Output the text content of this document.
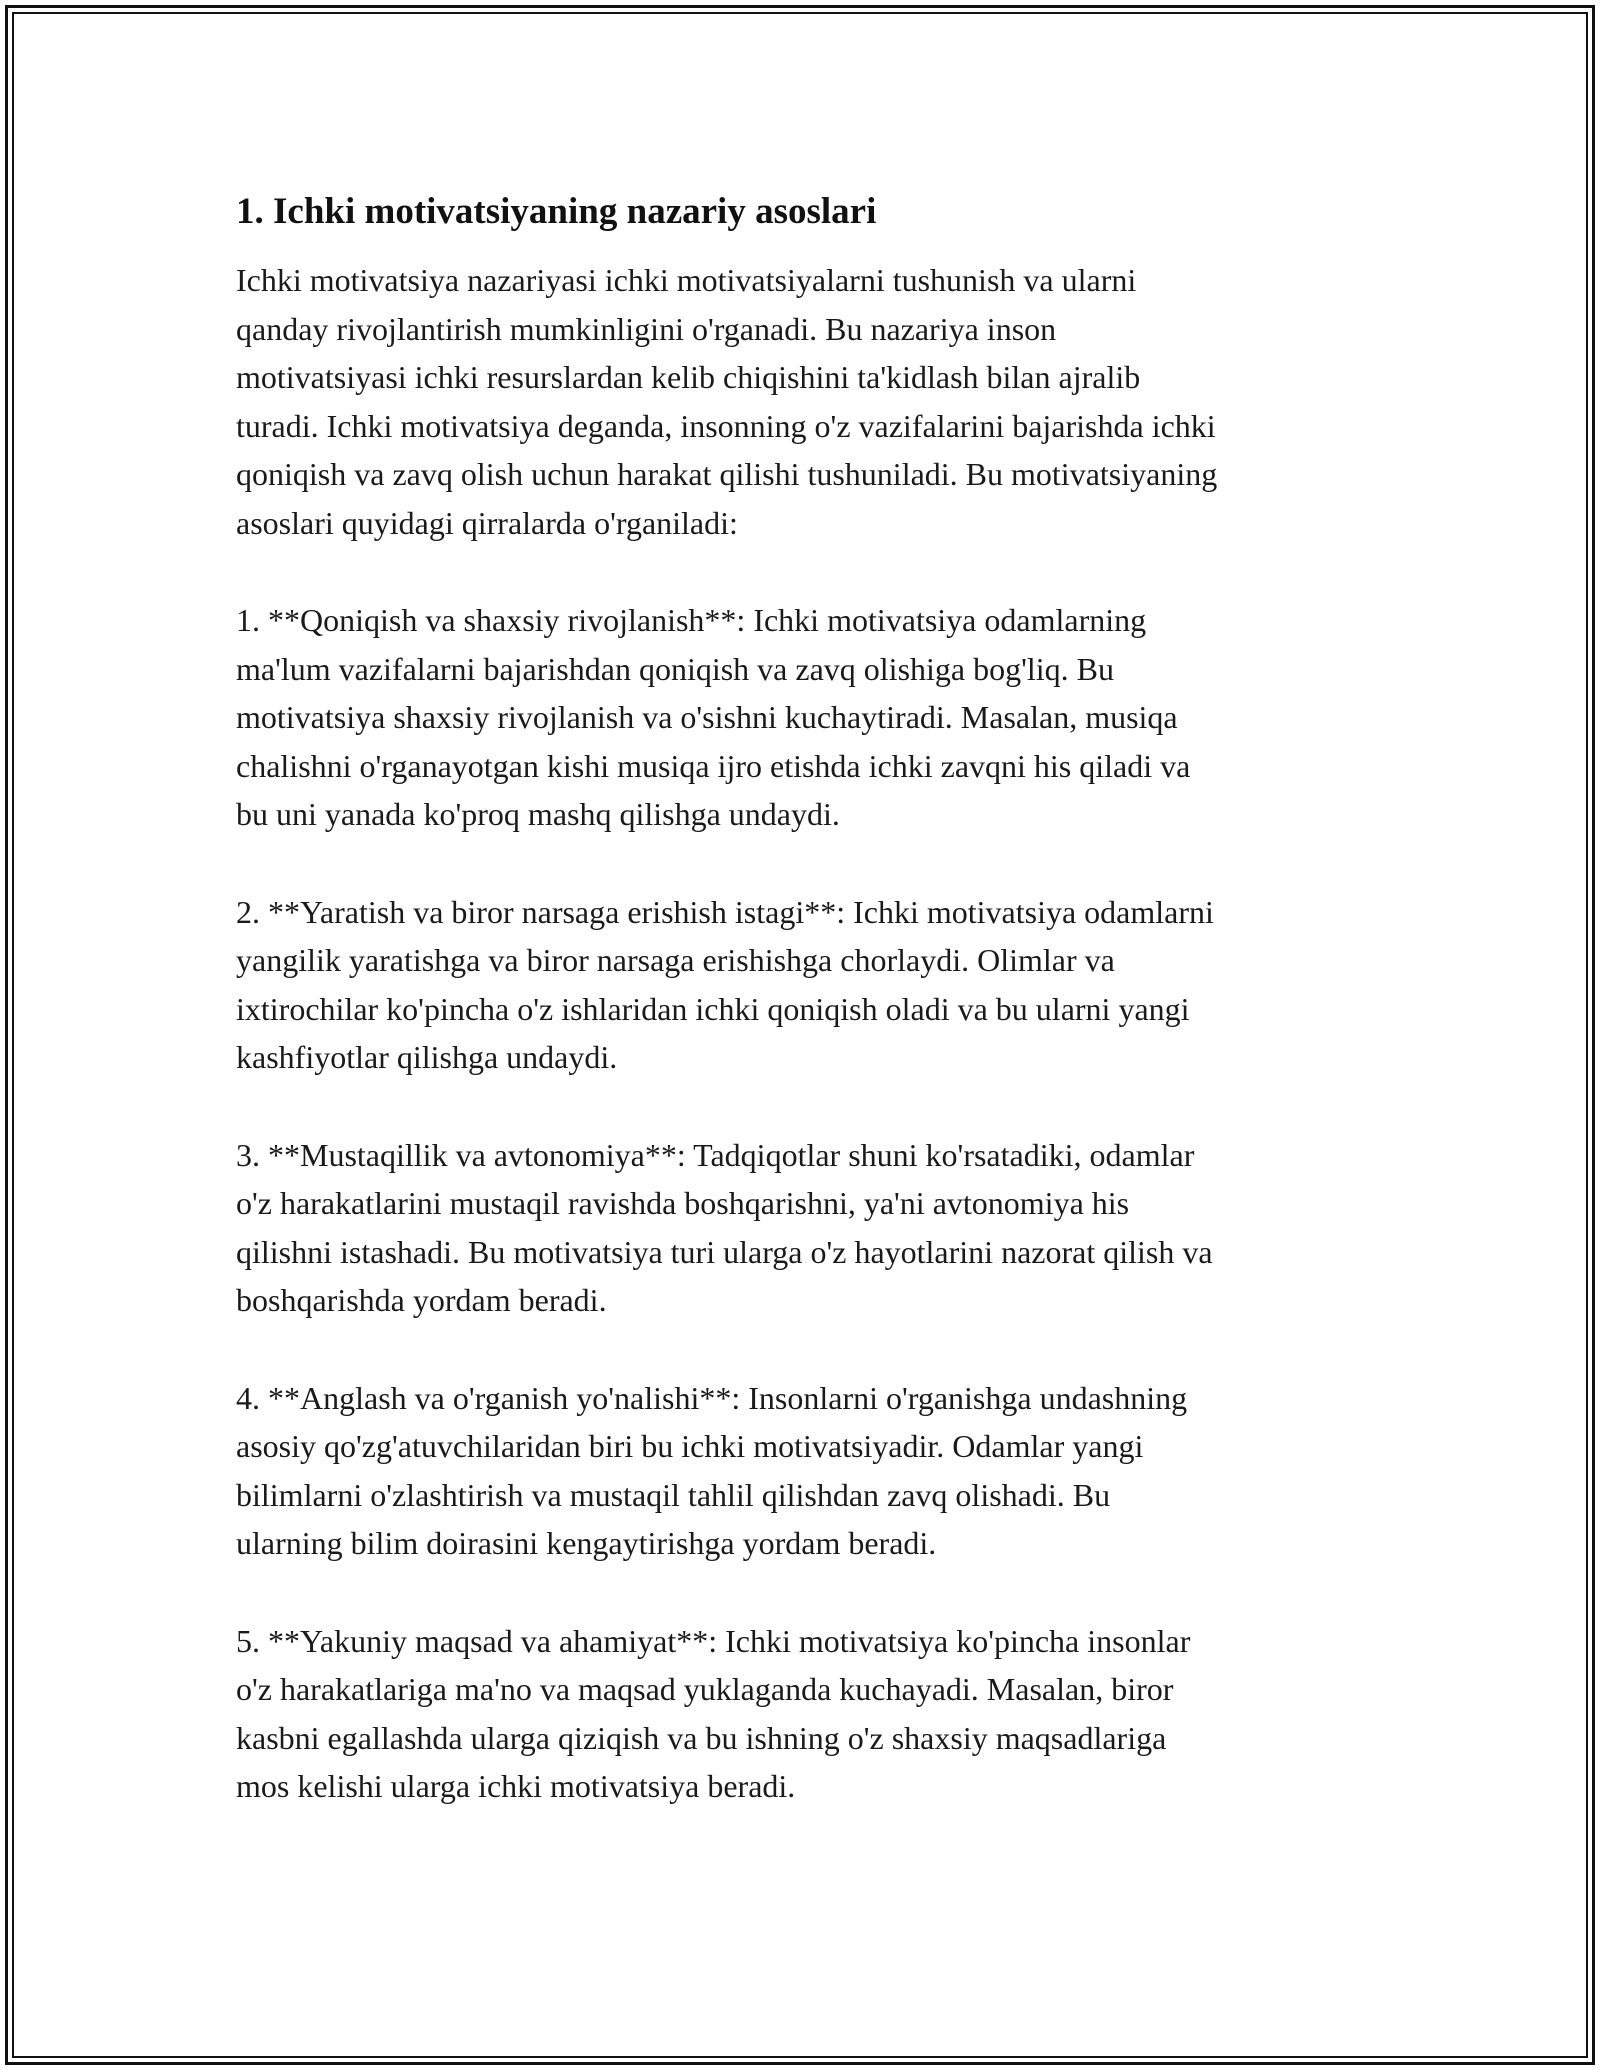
1. Ichki motivatsiyaning nazariy asoslari

Ichki motivatsiya nazariyasi ichki motivatsiyalarni tushunish va ularni
qanday rivojlantirish mumkinligini o'rganadi. Bu nazariya inson
motivatsiyasi ichki resurslardan kelib chiqishini ta'kidlash bilan ajralib
turadi. Ichki motivatsiya deganda, insonning o'z vazifalarini bajarishda ichki
qoniqish va zavq olish uchun harakat qilishi tushuniladi. Bu motivatsiyaning
asoslari quyidagi qirralarda o'rganiladi:

1. **Qoniqish va shaxsiy rivojlanish**: Ichki motivatsiya odamlarning
ma'lum vazifalarni bajarishdan qoniqish va zavq olishiga bog'liq. Bu
motivatsiya shaxsiy rivojlanish va o'sishni kuchaytiradi. Masalan, musiqa
chalishni o'rganayotgan kishi musiqa ijro etishda ichki zavqni his qiladi va
bu uni yanada ko'proq mashq qilishga undaydi.

2. **Yaratish va biror narsaga erishish istagi**: Ichki motivatsiya odamlarni
yangilik yaratishga va biror narsaga erishishga chorlaydi. Olimlar va
ixtirochilar ko'pincha o'z ishlaridan ichki qoniqish oladi va bu ularni yangi
kashfiyotlar qilishga undaydi.

3. **Mustaqillik va avtonomiya**: Tadqiqotlar shuni ko'rsatadiki, odamlar
o'z harakatlarini mustaqil ravishda boshqarishni, ya'ni avtonomiya his
qilishni istashadi. Bu motivatsiya turi ularga o'z hayotlarini nazorat qilish va
boshqarishda yordam beradi.

4. **Anglash va o'rganish yo'nalishi**: Insonlarni o'rganishga undashning
asosiy qo'zg'atuvchilaridan biri bu ichki motivatsiyadir. Odamlar yangi
bilimlarni o'zlashtirish va mustaqil tahlil qilishdan zavq olishadi. Bu
ularning bilim doirasini kengaytirishga yordam beradi.

5. **Yakuniy maqsad va ahamiyat**: Ichki motivatsiya ko'pincha insonlar
o'z harakatlariga ma'no va maqsad yuklaganda kuchayadi. Masalan, biror
kasbni egallashda ularga qiziqish va bu ishning o'z shaxsiy maqsadlariga
mos kelishi ularga ichki motivatsiya beradi.
